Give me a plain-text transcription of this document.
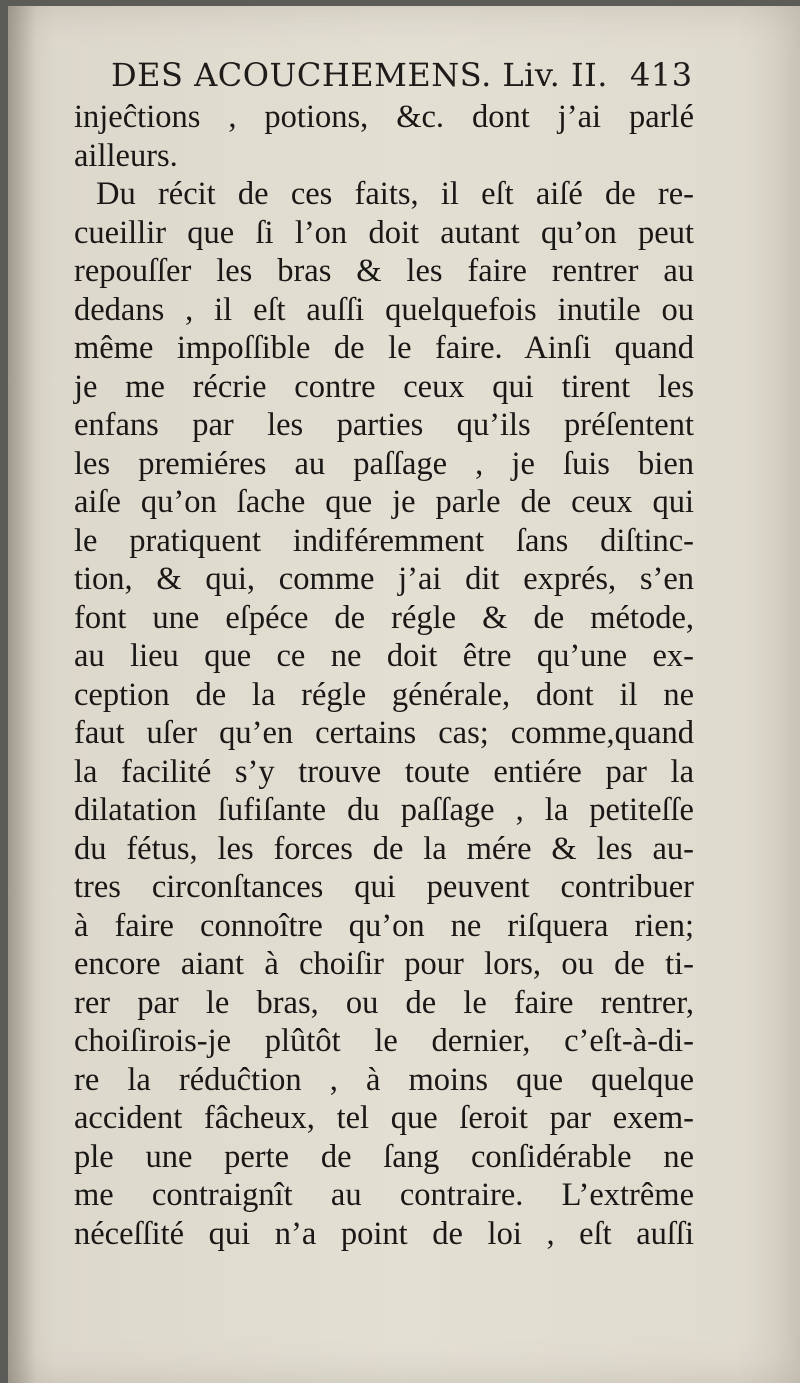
DES ACOUCHEMENS. Liv. II. 413
injeĉtions , potions, &c. dont j’ai parlé
ailleurs.
Du récit de ces faits, il eſt aiſé de re-
cueillir que ſi l’on doit autant qu’on peut
repouſſer les bras & les faire rentrer au
dedans , il eſt auſſi quelquefois inutile ou
même impoſſible de le faire. Ainſi quand
je me récrie contre ceux qui tirent les
enfans par les parties qu’ils préſentent
les premiéres au paſſage , je ſuis bien
aiſe qu’on ſache que je parle de ceux qui
le pratiquent indiféremment ſans diſtinc-
tion, & qui, comme j’ai dit exprés, s’en
font une eſpéce de régle & de métode,
au lieu que ce ne doit être qu’une ex-
ception de la régle générale, dont il ne
faut uſer qu’en certains cas; comme,quand
la facilité s’y trouve toute entiére par la
dilatation ſufiſante du paſſage , la petiteſſe
du fétus, les forces de la mére & les au-
tres circonſtances qui peuvent contribuer
à faire connoître qu’on ne riſquera rien;
encore aiant à choiſir pour lors, ou de ti-
rer par le bras, ou de le faire rentrer,
choiſirois-je plûtôt le dernier, c’eſt-à-di-
re la réduĉtion , à moins que quelque
accident fâcheux, tel que ſeroit par exem-
ple une perte de ſang conſidérable ne
me contraignît au contraire. L’extrême
néceſſité qui n’a point de loi , eſt auſſi
